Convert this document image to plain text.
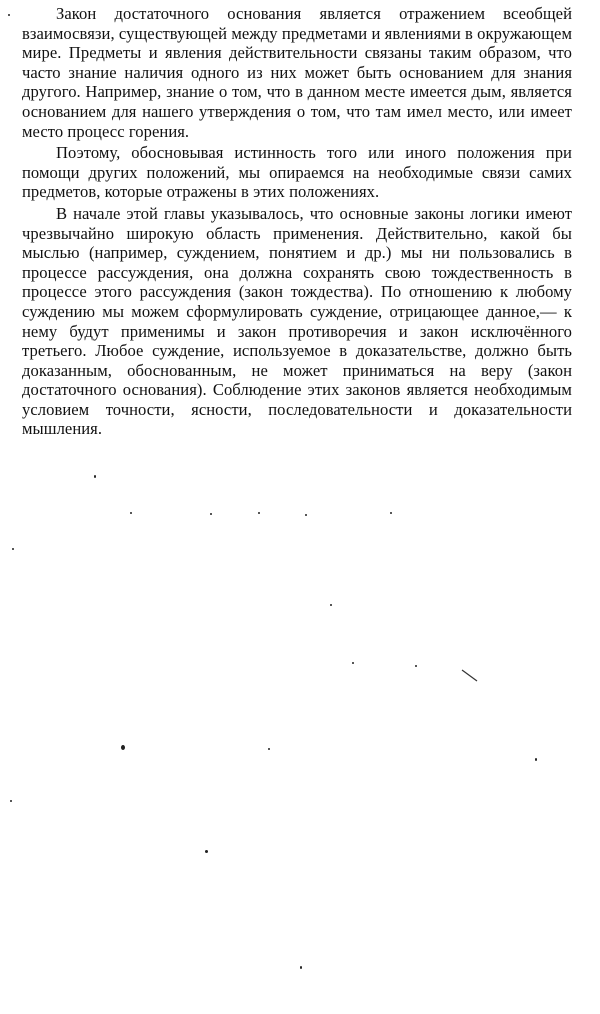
Закон достаточного основания является отражением всеобщей взаимосвязи, существующей между предметами и явлениями в окружающем мире. Предметы и явления действительности связаны таким образом, что часто знание наличия одного из них может быть основанием для знания другого. Например, знание о том, что в данном месте имеется дым, является основанием для нашего утверждения о том, что там имел место, или имеет место процесс горения.

Поэтому, обосновывая истинность того или иного положения при помощи других положений, мы опираемся на необходимые связи самих предметов, которые отражены в этих положениях.

В начале этой главы указывалось, что основные законы логики имеют чрезвычайно широкую область применения. Действительно, какой бы мыслью (например, суждением, понятием и др.) мы ни пользовались в процессе рассуждения, она должна сохранять свою тождественность в процессе этого рассуждения (закон тождества). По отношению к любому суждению мы можем сформулировать суждение, отрицающее данное,— к нему будут применимы и закон противоречия и закон исключённого третьего. Любое суждение, используемое в доказательстве, должно быть доказанным, обоснованным, не может приниматься на веру (закон достаточного основания). Соблюдение этих законов является необходимым условием точности, ясности, последовательности и доказательности мышления.
